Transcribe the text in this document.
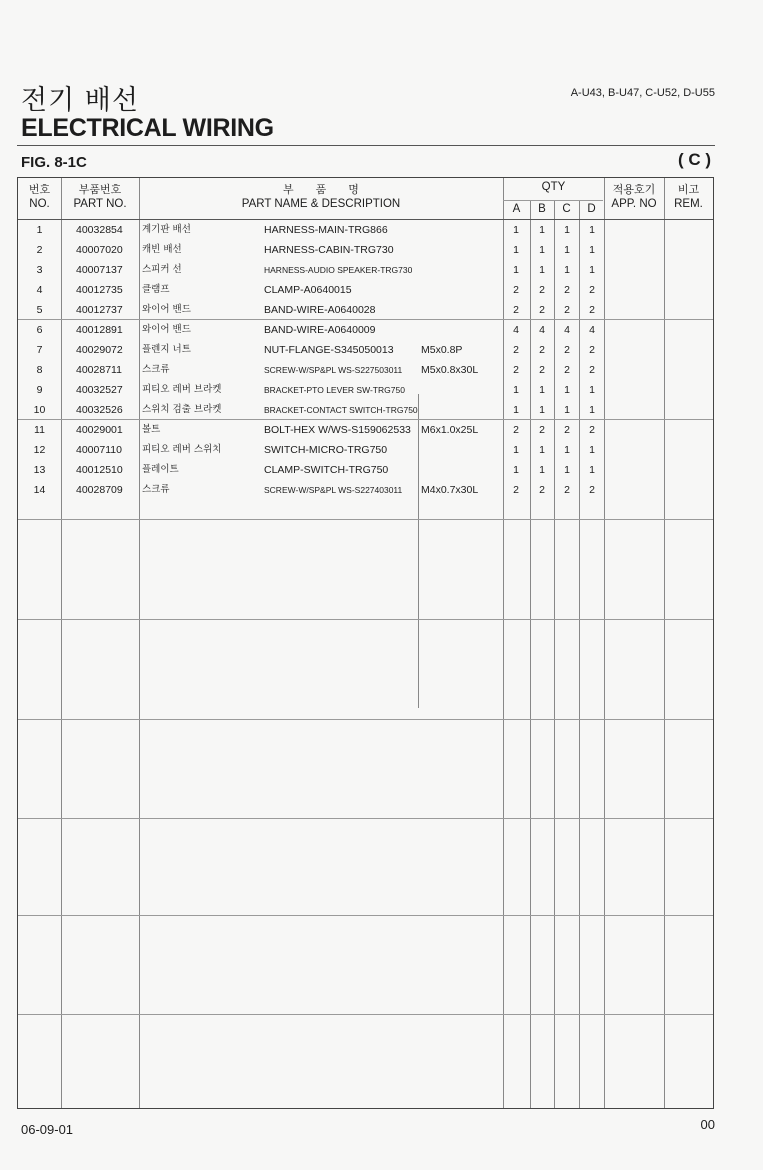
전기 배선
ELECTRICAL WIRING
A-U43, B-U47, C-U52, D-U55
FIG. 8-1C	( C )
번호
NO.
부품번호
PART NO.
부　　품　　명
PART NAME & DESCRIPTION
QTY
A	B	C	D
적용호기
APP. NO
비고
REM.
1	40032854 계기판 배선	HARNESS-MAIN-TRG866	1	1	1	1
2	40007020 캐빈 배선	HARNESS-CABIN-TRG730	1	1	1	1
3	40007137 스피커 선	HARNESS-AUDIO SPEAKER-TRG730	1	1	1	1
4	40012735 클램프	CLAMP-A0640015	2	2	2	2
5	40012737 와이어 밴드	BAND-WIRE-A0640028	2	2	2	2
6	40012891 와이어 밴드	BAND-WIRE-A0640009	4	4	4	4
7	40029072 플렌지 너트	NUT-FLANGE-S345050013	M5x0.8P	2	2	2	2
8	40028711 스크류	SCREW-W/SP&PL WS-S227503011 M5x0.8x30L	2	2	2	2
9	40032527 피티오 레버 브라켓	BRACKET-PTO LEVER SW-TRG750	1	1	1	1
10	40032526 스위치 검출 브라켓	BRACKET-CONTACT SWITCH-TRG750	1	1	1	1
11	40029001 볼트	BOLT-HEX W/WS-S159062533 M6x1.0x25L	2	2	2	2
12	40007110 피티오 레버 스위치	SWITCH-MICRO-TRG750	1	1	1	1
13	40012510 플레이트	CLAMP-SWITCH-TRG750	1	1	1	1
14	40028709 스크류	SCREW-W/SP&PL WS-S227403011 M4x0.7x30L	2	2	2	2
06-09-01	00
